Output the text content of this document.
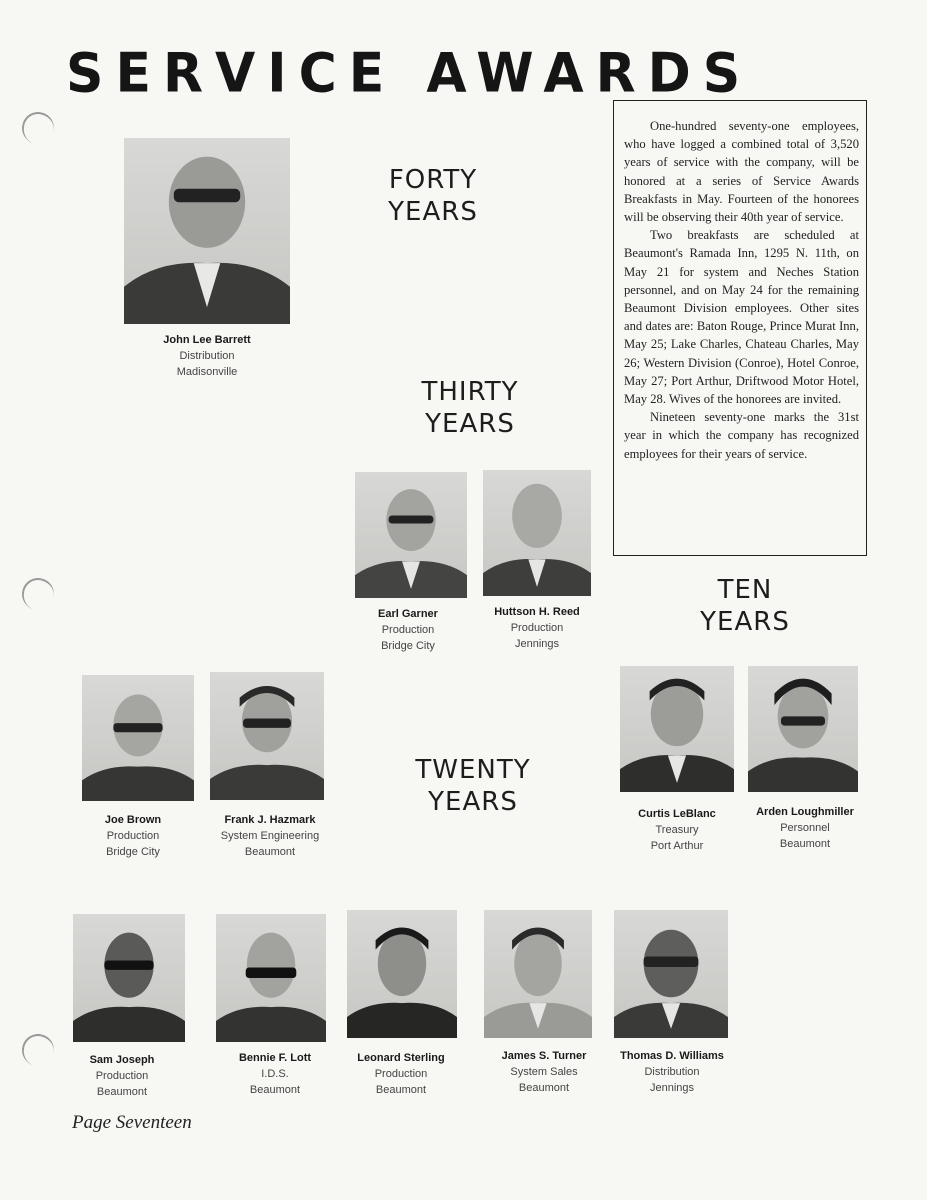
SERVICE AWARDS
FORTY
YEARS
THIRTY
YEARS
TWENTY
YEARS
TEN
YEARS

One-hundred seventy-one employees, who have logged a combined total of 3,520 years of service with the company, will be honored at a series of Service Awards Breakfasts in May. Fourteen of the honorees will be observing their 40th year of service.

Two breakfasts are scheduled at Beaumont's Ramada Inn, 1295 N. 11th, on May 21 for system and Neches Station personnel, and on May 24 for the remaining Beaumont Division employees. Other sites and dates are: Baton Rouge, Prince Murat Inn, May 25; Lake Charles, Chateau Charles, May 26; Western Division (Conroe), Hotel Conroe, May 27; Port Arthur, Driftwood Motor Hotel, May 28. Wives of the honorees are invited.

Nineteen seventy-one marks the 31st year in which the company has recognized employees for their years of service.

John Lee Barrett
Distribution
Madisonville
Earl Garner
Production
Bridge City
Huttson H. Reed
Production
Jennings
Curtis LeBlanc
Treasury
Port Arthur
Arden Loughmiller
Personnel
Beaumont
Joe Brown
Production
Bridge City
Frank J. Hazmark
System Engineering
Beaumont
Sam Joseph
Production
Beaumont
Bennie F. Lott
I.D.S.
Beaumont
Leonard Sterling
Production
Beaumont
James S. Turner
System Sales
Beaumont
Thomas D. Williams
Distribution
Jennings
Page Seventeen
